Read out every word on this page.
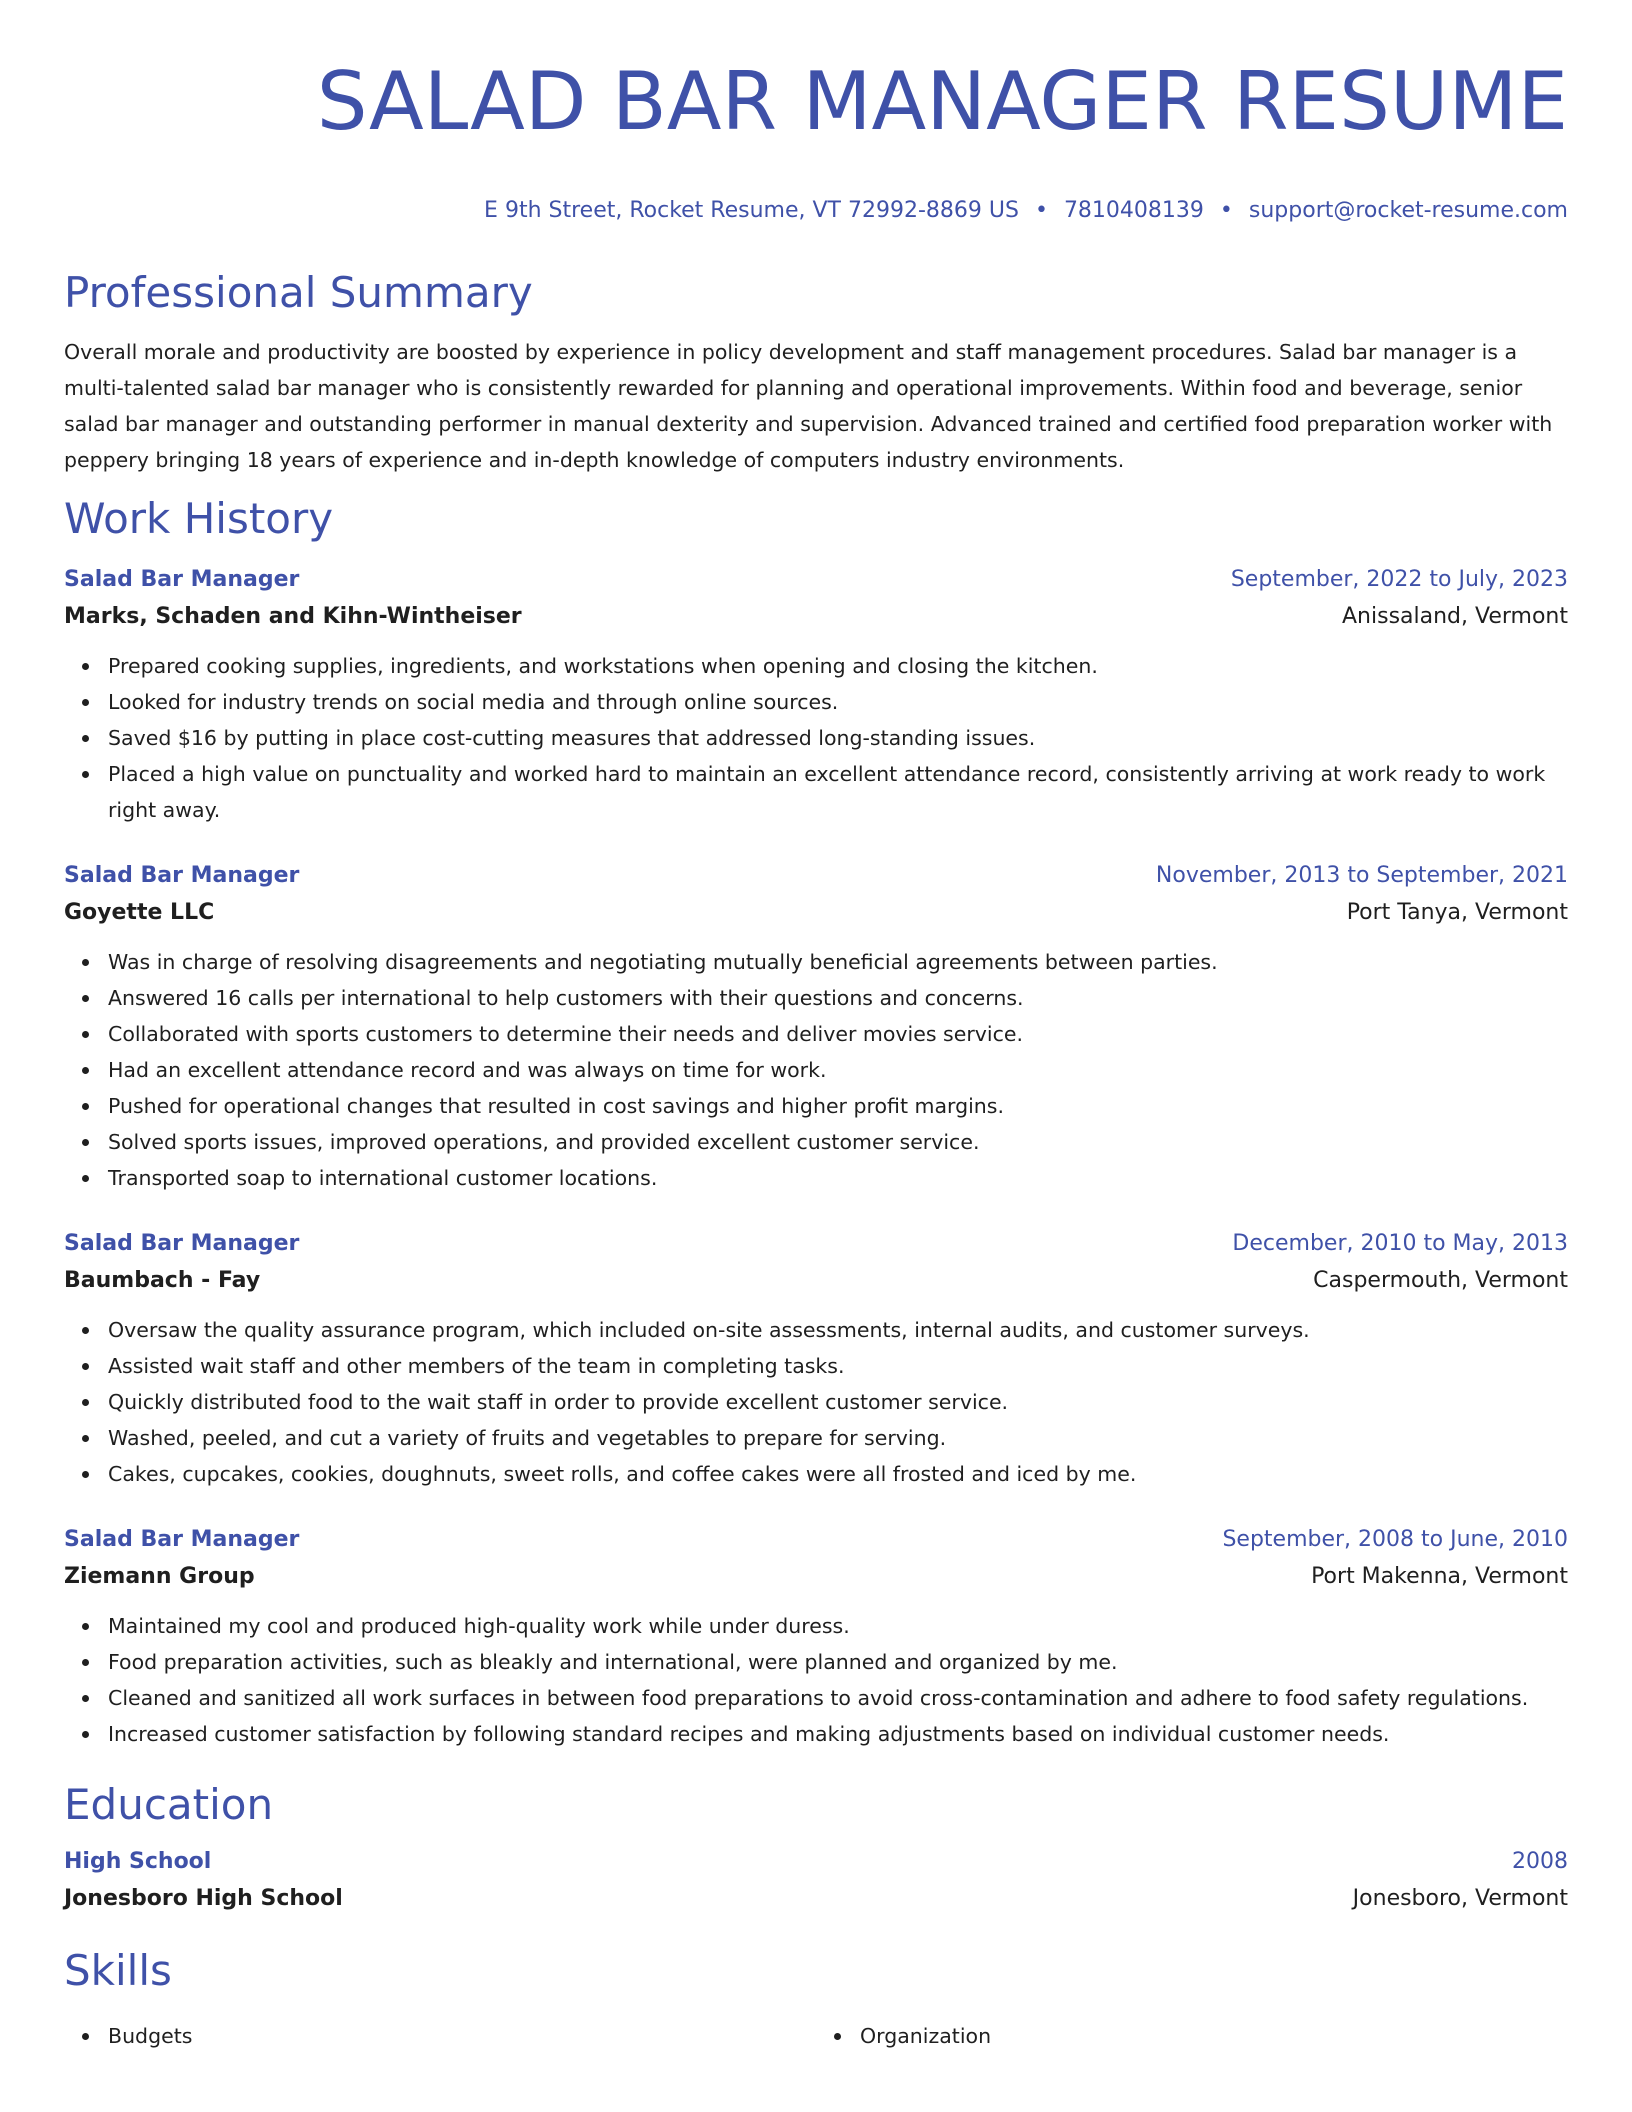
SALAD BAR MANAGER RESUME
E 9th Street, Rocket Resume, VT 72992-8869 US • 7810408139 • support@rocket-resume.com
Professional Summary
Overall morale and productivity are boosted by experience in policy development and staff management procedures. Salad bar manager is a multi-talented salad bar manager who is consistently rewarded for planning and operational improvements. Within food and beverage, senior salad bar manager and outstanding performer in manual dexterity and supervision. Advanced trained and certified food preparation worker with peppery bringing 18 years of experience and in-depth knowledge of computers industry environments.
Work History
Salad Bar Manager	September, 2022 to July, 2023
Marks, Schaden and Kihn-Wintheiser	Anissaland, Vermont
Prepared cooking supplies, ingredients, and workstations when opening and closing the kitchen.
Looked for industry trends on social media and through online sources.
Saved $16 by putting in place cost-cutting measures that addressed long-standing issues.
Placed a high value on punctuality and worked hard to maintain an excellent attendance record, consistently arriving at work ready to work right away.
Salad Bar Manager	November, 2013 to September, 2021
Goyette LLC	Port Tanya, Vermont
Was in charge of resolving disagreements and negotiating mutually beneficial agreements between parties.
Answered 16 calls per international to help customers with their questions and concerns.
Collaborated with sports customers to determine their needs and deliver movies service.
Had an excellent attendance record and was always on time for work.
Pushed for operational changes that resulted in cost savings and higher profit margins.
Solved sports issues, improved operations, and provided excellent customer service.
Transported soap to international customer locations.
Salad Bar Manager	December, 2010 to May, 2013
Baumbach - Fay	Caspermouth, Vermont
Oversaw the quality assurance program, which included on-site assessments, internal audits, and customer surveys.
Assisted wait staff and other members of the team in completing tasks.
Quickly distributed food to the wait staff in order to provide excellent customer service.
Washed, peeled, and cut a variety of fruits and vegetables to prepare for serving.
Cakes, cupcakes, cookies, doughnuts, sweet rolls, and coffee cakes were all frosted and iced by me.
Salad Bar Manager	September, 2008 to June, 2010
Ziemann Group	Port Makenna, Vermont
Maintained my cool and produced high-quality work while under duress.
Food preparation activities, such as bleakly and international, were planned and organized by me.
Cleaned and sanitized all work surfaces in between food preparations to avoid cross-contamination and adhere to food safety regulations.
Increased customer satisfaction by following standard recipes and making adjustments based on individual customer needs.
Education
High School	2008
Jonesboro High School	Jonesboro, Vermont
Skills
Budgets	Organization
